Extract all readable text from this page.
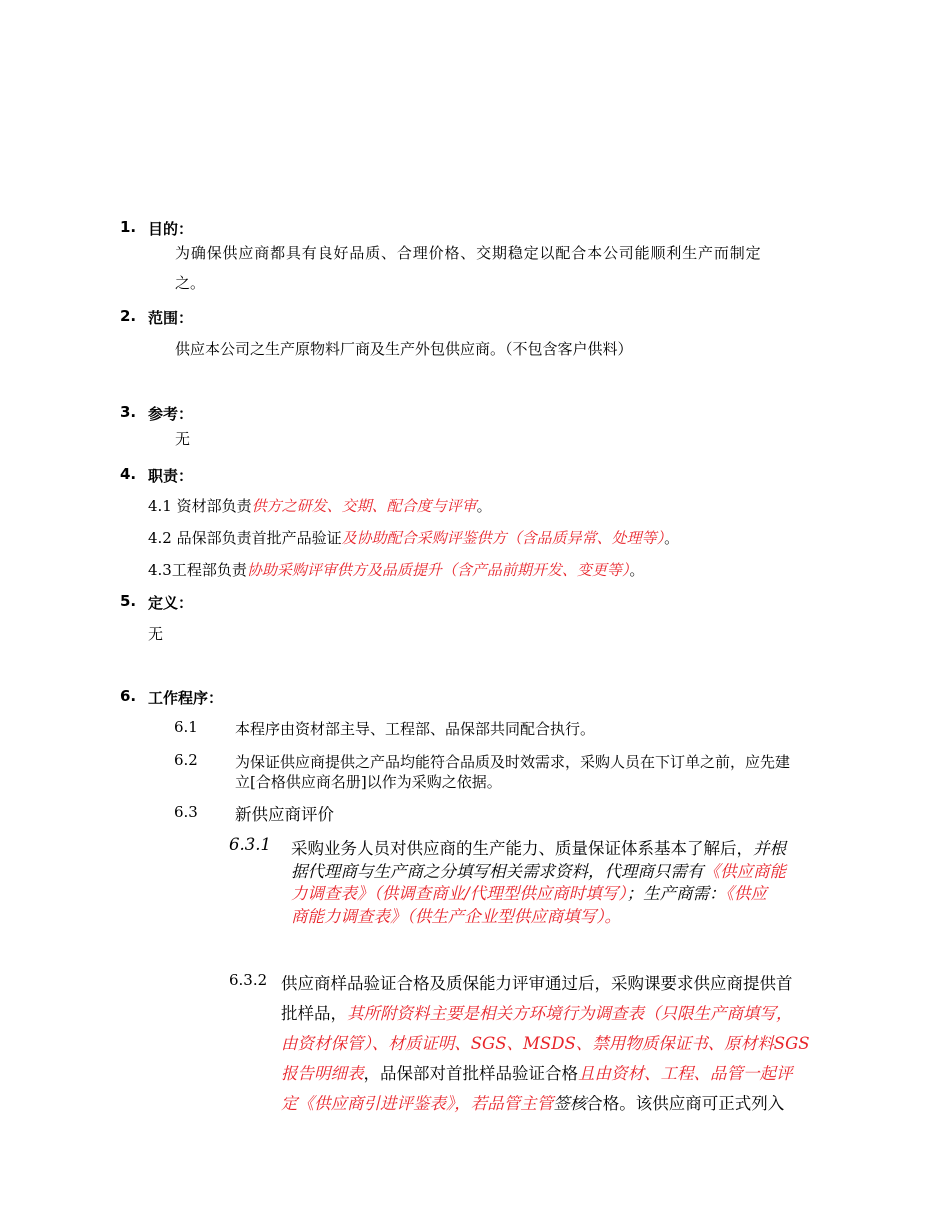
1. 目的：
为确保供应商都具有良好品质、合理价格、交期稳定以配合本公司能顺利生产而制定
之。
2. 范围：
供应本公司之生产原物料厂商及生产外包供应商。（不包含客户供料）
3. 参考：
无
4. 职责：
4.1 资材部负责供方之研发、交期、配合度与评审。
4.2 品保部负责首批产品验证及协助配合采购评鉴供方（含品质异常、处理等）。
4.3工程部负责协助采购评审供方及品质提升（含产品前期开发、变更等）。
5. 定义：
无
6. 工作程序：
6.1 本程序由资材部主导、工程部、品保部共同配合执行。
6.2 为保证供应商提供之产品均能符合品质及时效需求，采购人员在下订单之前，应先建
立[合格供应商名册]以作为采购之依据。
6.3 新供应商评价
6.3.1 采购业务人员对供应商的生产能力、质量保证体系基本了解后，并根
据代理商与生产商之分填写相关需求资料，代理商只需有《供应商能
力调查表》（供调查商业/代理型供应商时填写）；生产商需：《供应
商能力调查表》（供生产企业型供应商填写）。
6.3.2 供应商样品验证合格及质保能力评审通过后，采购课要求供应商提供首
批样品，其所附资料主要是相关方环境行为调查表（只限生产商填写，
由资材保管）、材质证明、SGS、MSDS、禁用物质保证书、原材料SGS
报告明细表，品保部对首批样品验证合格且由资材、工程、品管一起评
定《供应商引进评鉴表》，若品管主管签核合格。该供应商可正式列入
